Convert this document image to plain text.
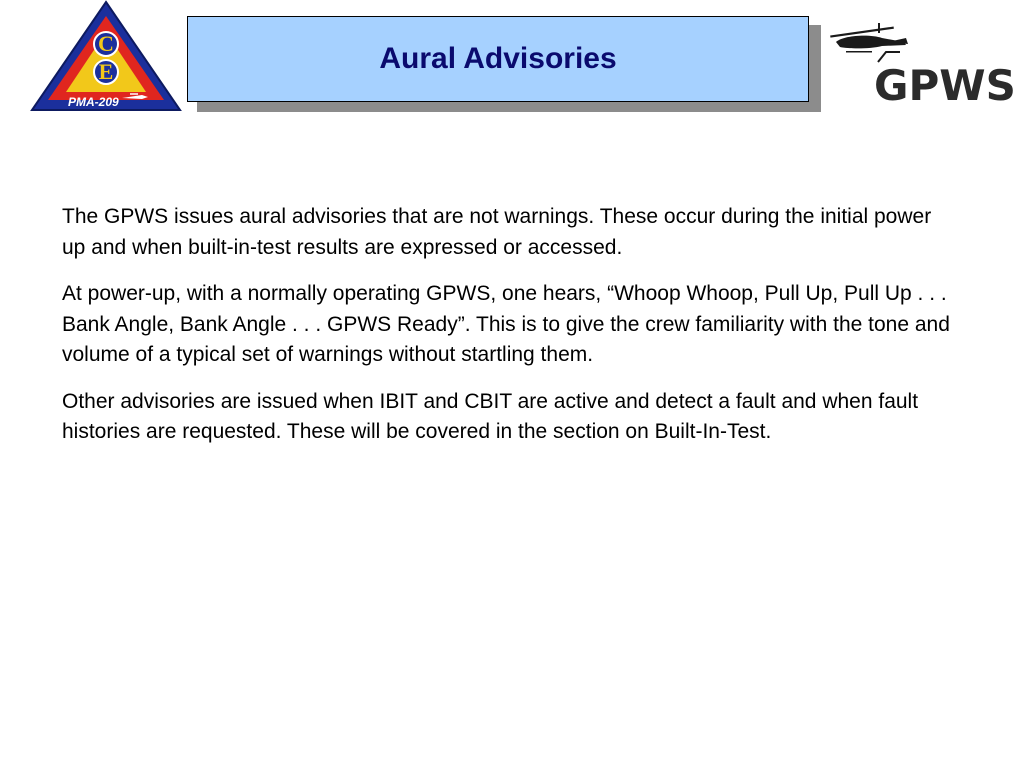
C
E
PMA-209
Aural Advisories
GPWS

The GPWS issues aural advisories that are not warnings. These occur during the initial power up and when built-in-test results are expressed or accessed.

At power-up, with a normally operating GPWS, one hears, “Whoop Whoop, Pull Up, Pull Up . . . Bank Angle, Bank Angle . . . GPWS Ready”. This is to give the crew familiarity with the tone and volume of a typical set of warnings without startling them.

Other advisories are issued when IBIT and CBIT are active and detect a fault and when fault histories are requested. These will be covered in the section on Built-In-Test.
